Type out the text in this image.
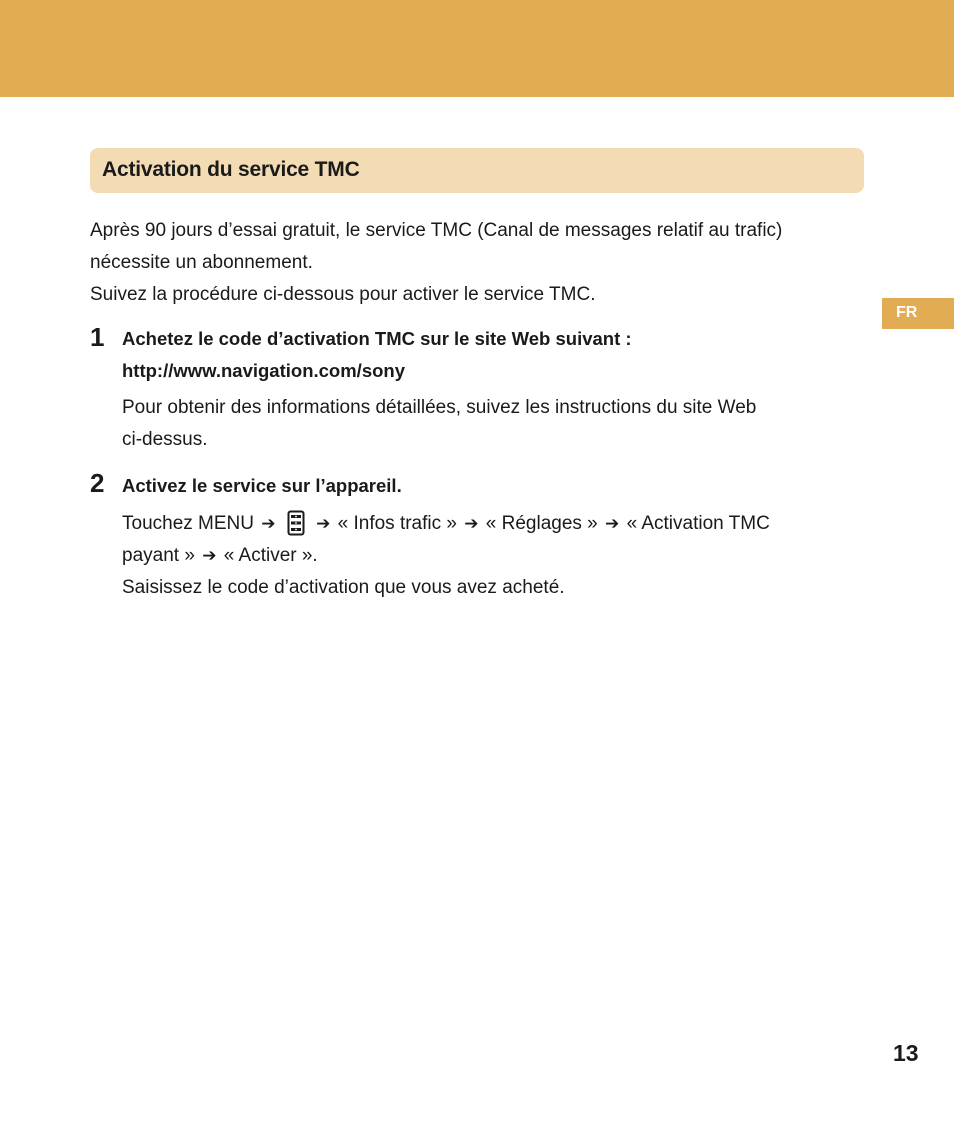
Activation du service TMC
FR
Après 90 jours d’essai gratuit, le service TMC (Canal de messages relatif au trafic)
nécessite un abonnement.
Suivez la procédure ci-dessous pour activer le service TMC.
1 Achetez le code d’activation TMC sur le site Web suivant :
http://www.navigation.com/sony
Pour obtenir des informations détaillées, suivez les instructions du site Web
ci-dessus.
2 Activez le service sur l’appareil.
Touchez MENU ➔ ➔ « Infos trafic » ➔ « Réglages » ➔ « Activation TMC
payant » ➔ « Activer ».
Saisissez le code d’activation que vous avez acheté.
13
